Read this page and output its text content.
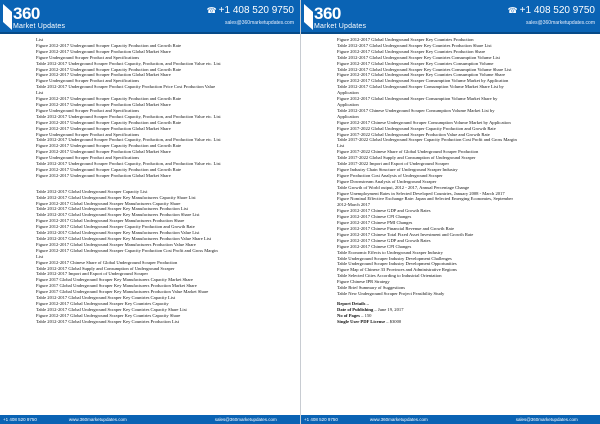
360
Market Updates
☎ +1 408 520 9750
sales@360marketupdates.com
List
Figure 2012-2017 Underground Scraper Capacity Production and Growth Rate
Figure 2012-2017 Underground Scraper Production Global Market Share
Figure Underground Scraper Product and Specifications
Table 2012-2017 Underground Scraper Product Capacity, Production, and Production Value etc. List
Figure 2012-2017 Underground Scraper Capacity Production and Growth Rate
Figure 2012-2017 Underground Scraper Production Global Market Share
Figure Underground Scraper Product and Specifications
Table 2012-2017 Underground Scraper Product Capacity Production Price Cost Production Value
List
Figure 2012-2017 Underground Scraper Capacity Production and Growth Rate
Figure 2012-2017 Underground Scraper Production Global Market Share
Figure Underground Scraper Product and Specifications
Table 2012-2017 Underground Scraper Product Capacity, Production, and Production Value etc. List
Figure 2012-2017 Underground Scraper Capacity Production and Growth Rate
Figure 2012-2017 Underground Scraper Production Global Market Share
Figure Underground Scraper Product and Specifications
Table 2012-2017 Underground Scraper Product Capacity, Production, and Production Value etc. List
Figure 2012-2017 Underground Scraper Capacity Production and Growth Rate
Figure 2012-2017 Underground Scraper Production Global Market Share
Figure Underground Scraper Product and Specifications
Table 2012-2017 Underground Scraper Product Capacity, Production, and Production Value etc. List
Figure 2012-2017 Underground Scraper Capacity Production and Growth Rate
Figure 2012-2017 Underground Scraper Production Global Market Share
Table 2012-2017 Global Underground Scraper Capacity List
Table 2012-2017 Global Underground Scraper Key Manufacturers Capacity Share List
Figure 2012-2017 Global Underground Scraper Manufacturers Capacity Share
Table 2012-2017 Global Underground Scraper Key Manufacturers Production List
Table 2012-2017 Global Underground Scraper Key Manufacturers Production Share List
Figure 2012-2017 Global Underground Scraper Manufacturers Production Share
Figure 2012-2017 Global Underground Scraper Capacity Production and Growth Rate
Table 2012-2017 Global Underground Scraper Key Manufacturers Production Value List
Table 2012-2017 Global Underground Scraper Key Manufacturers Production Value Share List
Figure 2012-2017 Global Underground Scraper Manufacturers Production Value Share
Figure 2012-2017 Global Underground Scraper Capacity Production Cost Profit and Gross Margin
List
Figure 2012-2017 Chinese Share of Global Underground Scraper Production
Table 2012-2017 Global Supply and Consumption of Underground Scraper
Table 2012-2017 Import and Export of Underground Scraper
Figure 2017 Global Underground Scraper Key Manufacturers Capacity Market Share
Figure 2017 Global Underground Scraper Key Manufacturers Production Market Share
Figure 2017 Global Underground Scraper Key Manufacturers Production Value Market Share
Table 2012-2017 Global Underground Scraper Key Countries Capacity List
Figure 2012-2017 Global Underground Scraper Key Countries Capacity
Table 2012-2017 Global Underground Scraper Key Countries Capacity Share List
Figure 2012-2017 Global Underground Scraper Key Countries Capacity Share
Table 2012-2017 Global Underground Scraper Key Countries Production List
+1 408 520 9750	www.360marketupdates.com	sales@360marketupdates.com
360
Market Updates
☎ +1 408 520 9750
sales@360marketupdates.com
Figure 2012-2017 Global Underground Scraper Key Countries Production
Table 2012-2017 Global Underground Scraper Key Countries Production Share List
Figure 2012-2017 Global Underground Scraper Key Countries Production Share
Table 2012-2017 Global Underground Scraper Key Countries Consumption Volume List
Figure 2012-2017 Global Underground Scraper Key Countries Consumption Volume
Table 2012-2017 Global Underground Scraper Key Countries Consumption Volume Share List
Figure 2012-2017 Global Underground Scraper Key Countries Consumption Volume Share
Figure 2012-2017 Global Underground Scraper Consumption Volume Market by Application
Table 2012-2017 Global Underground Scraper Consumption Volume Market Share List by
Application
Figure 2012-2017 Global Underground Scraper Consumption Volume Market Share by
Application
Table 2012-2017 Chinese Underground Scraper Consumption Volume Market List by
Application
Figure 2012-2017 Chinese Underground Scraper Consumption Volume Market by Application
Figure 2017-2022 Global Underground Scraper Capacity Production and Growth Rate
Figure 2017-2022 Global Underground Scraper Production Value and Growth Rate
Table 2017-2022 Global Underground Scraper Capacity Production Cost Profit and Gross Margin
List
Figure 2017-2022 Chinese Share of Global Underground Scraper Production
Table 2017-2022 Global Supply and Consumption of Underground Scraper
Table 2017-2022 Import and Export of Underground Scraper
Figure Industry Chain Structure of Underground Scraper Industry
Figure Production Cost Analysis of Underground Scraper
Figure Downstream Analysis of Underground Scraper
Table Growth of World output, 2012 - 2017, Annual Percentage Change
Figure Unemployment Rates in Selected Developed Countries, January 2008 - March 2017
Figure Nominal Effective Exchange Rate: Japan and Selected Emerging Economies, September
2012-March 2017
Figure 2012-2017 Chinese GDP and Growth Rates
Figure 2012-2017 Chinese CPI Changes
Figure 2012-2017 Chinese PMI Changes
Figure 2012-2017 Chinese Financial Revenue and Growth Rate
Figure 2012-2017 Chinese Total Fixed Asset Investment and Growth Rate
Figure 2012-2017 Chinese GDP and Growth Rates
Figure 2012-2017 Chinese CPI Changes
Table Economic Effects to Underground Scraper Industry
Table Underground Scraper Industry Development Challenges
Table Underground Scraper Industry Development Opportunities
Figure Map of Chinese 33 Provinces and Administrative Regions
Table Selected Cities According to Industrial Orientation
Figure Chinese IPR Strategy
Table Brief Summary of Suggestions
Table New Underground Scraper Project Feasibility Study
Report Details –
Date of Publishing – June 19, 2017
No of Pages – 150
Single User PDF License – $3000
+1 408 520 9750	www.360marketupdates.com	sales@360marketupdates.com
